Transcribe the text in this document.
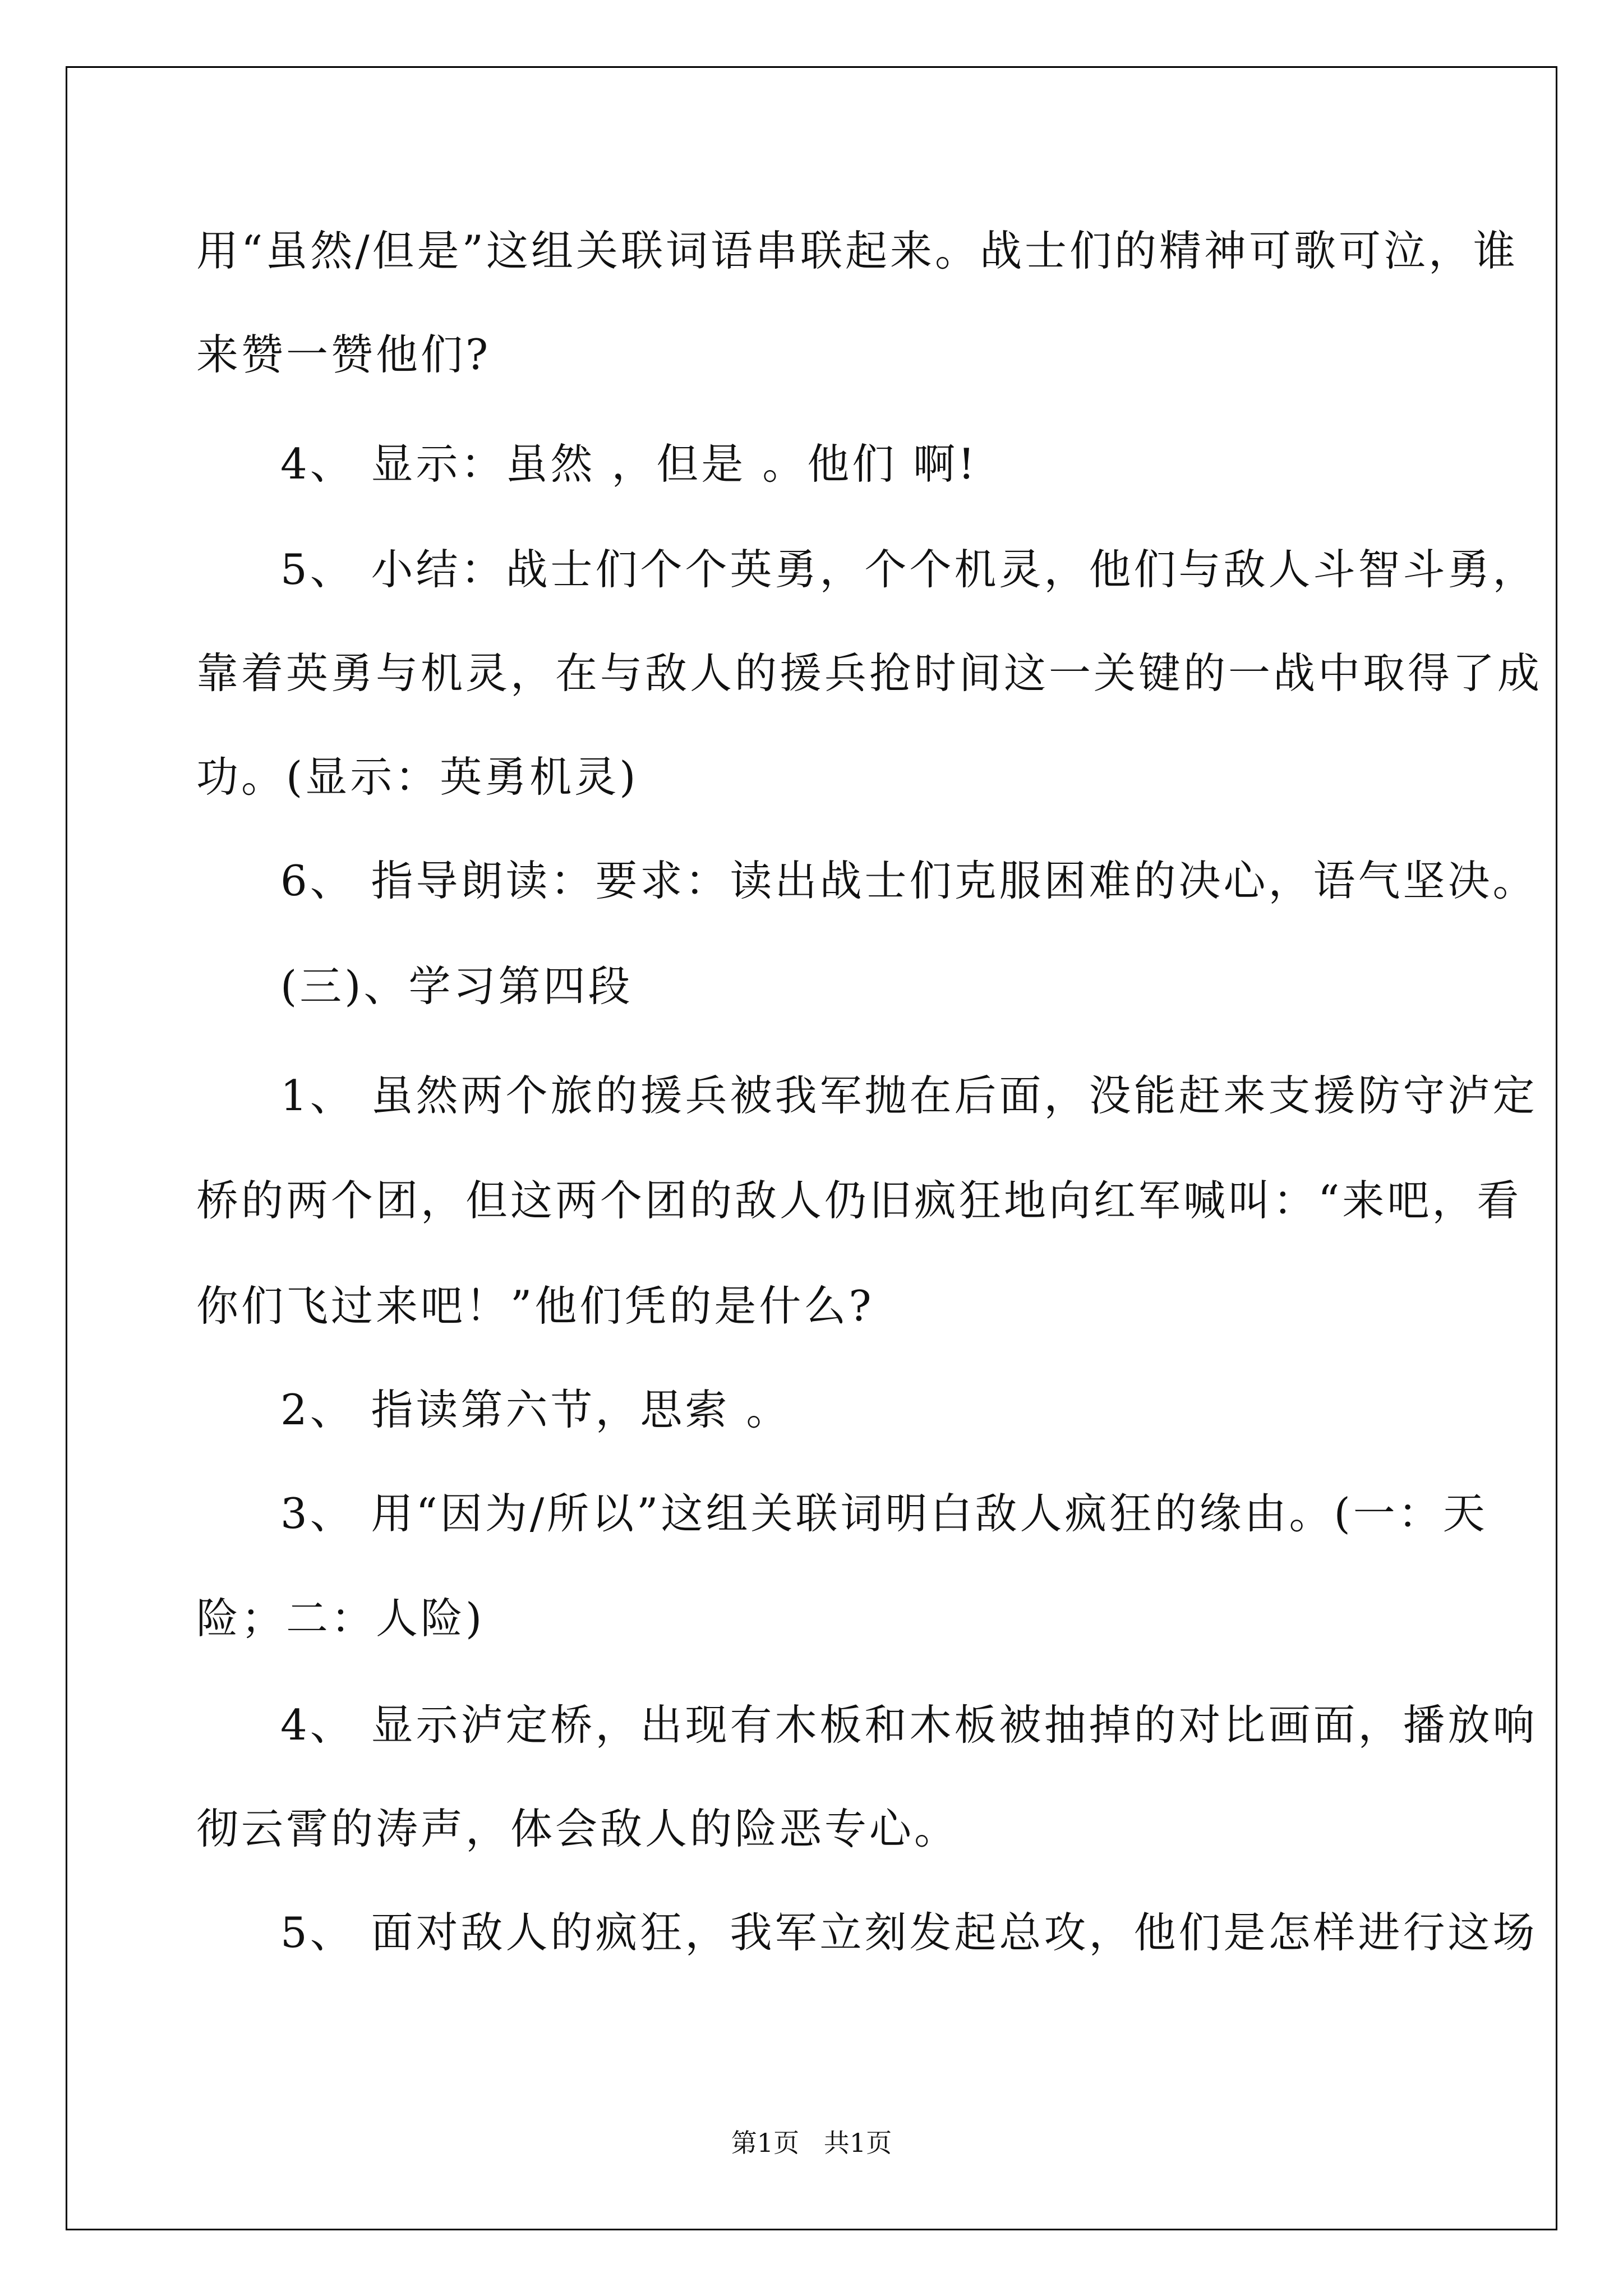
用“虽然/但是”这组关联词语串联起来。战士们的精神可歌可泣，谁
来赞一赞他们?
4、 显示：虽然 ，但是 。他们 啊!
5、 小结：战士们个个英勇，个个机灵，他们与敌人斗智斗勇，
靠着英勇与机灵，在与敌人的援兵抢时间这一关键的一战中取得了成
功。(显示：英勇机灵)
6、 指导朗读：要求：读出战士们克服困难的决心，语气坚决。
(三)、学习第四段
1、 虽然两个旅的援兵被我军抛在后面，没能赶来支援防守泸定
桥的两个团，但这两个团的敌人仍旧疯狂地向红军喊叫：“来吧，看
你们飞过来吧！”他们凭的是什么?
2、 指读第六节，思索 。
3、 用“因为/所以”这组关联词明白敌人疯狂的缘由。(一：天
险；二：人险)
4、 显示泸定桥，出现有木板和木板被抽掉的对比画面，播放响
彻云霄的涛声，体会敌人的险恶专心。
5、 面对敌人的疯狂，我军立刻发起总攻，他们是怎样进行这场
第1页   共1页
